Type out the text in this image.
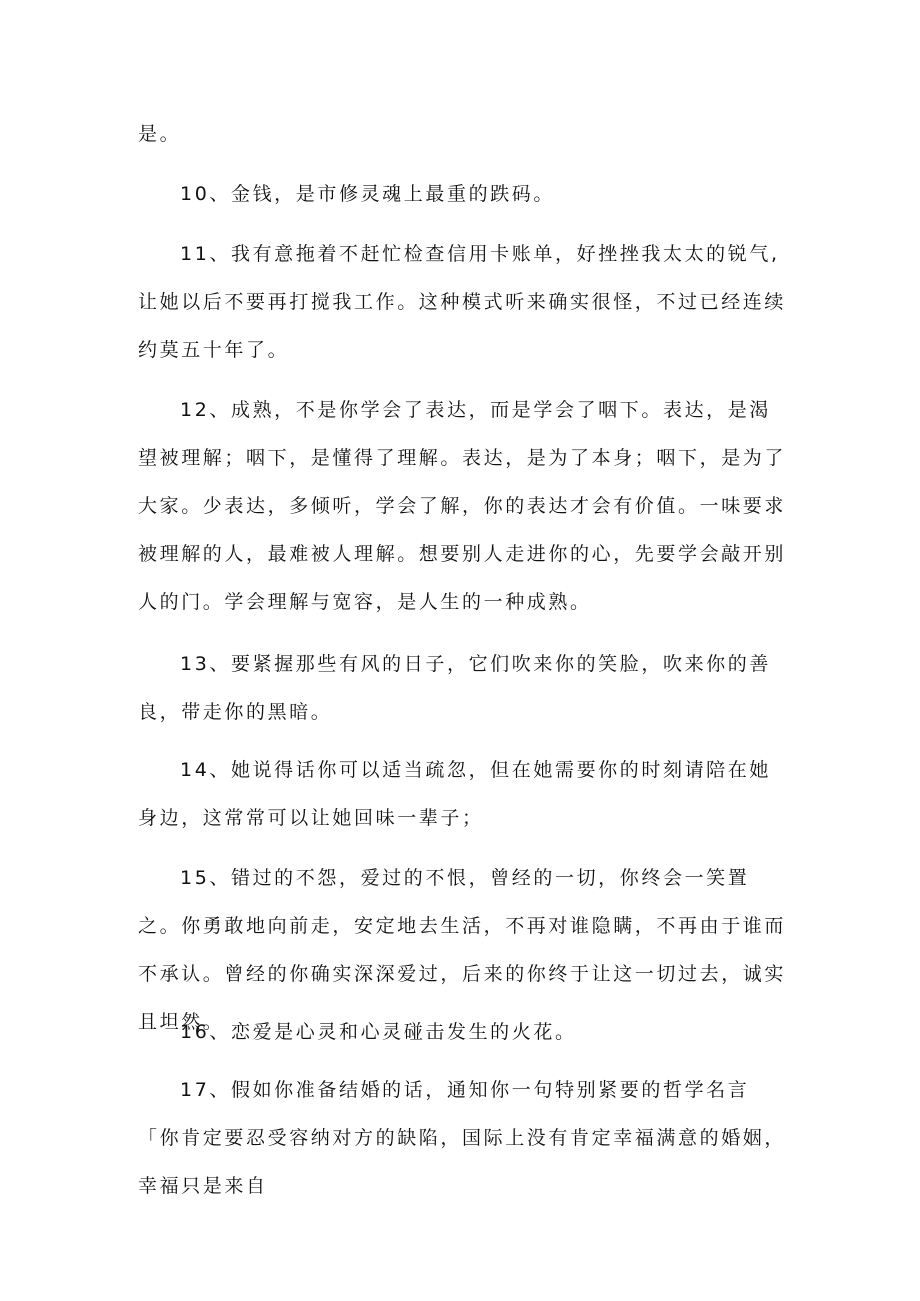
是。

10、金钱，是市修灵魂上最重的跌码。

11、我有意拖着不赶忙检查信用卡账单，好挫挫我太太的锐气,让她以后不要再打搅我工作。这种模式听来确实很怪，不过已经连续约莫五十年了。

12、成熟，不是你学会了表达，而是学会了咽下。表达，是渴望被理解；咽下，是懂得了理解。表达，是为了本身；咽下，是为了大家。少表达，多倾听，学会了解，你的表达才会有价值。一味要求被理解的人，最难被人理解。想要别人走进你的心，先要学会敲开别人的门。学会理解与宽容，是人生的一种成熟。

13、要紧握那些有风的日子，它们吹来你的笑脸，吹来你的善良，带走你的黑暗。

14、她说得话你可以适当疏忽，但在她需要你的时刻请陪在她身边，这常常可以让她回味一辈子；

15、错过的不怨，爱过的不恨，曾经的一切，你终会一笑置之。你勇敢地向前走，安定地去生活，不再对谁隐瞒，不再由于谁而不承认。曾经的你确实深深爱过，后来的你终于让这一切过去，诚实且坦然。

16、恋爱是心灵和心灵碰击发生的火花。

17、假如你准备结婚的话，通知你一句特别紧要的哲学名言「你肯定要忍受容纳对方的缺陷，国际上没有肯定幸福满意的婚姻，幸福只是来自
